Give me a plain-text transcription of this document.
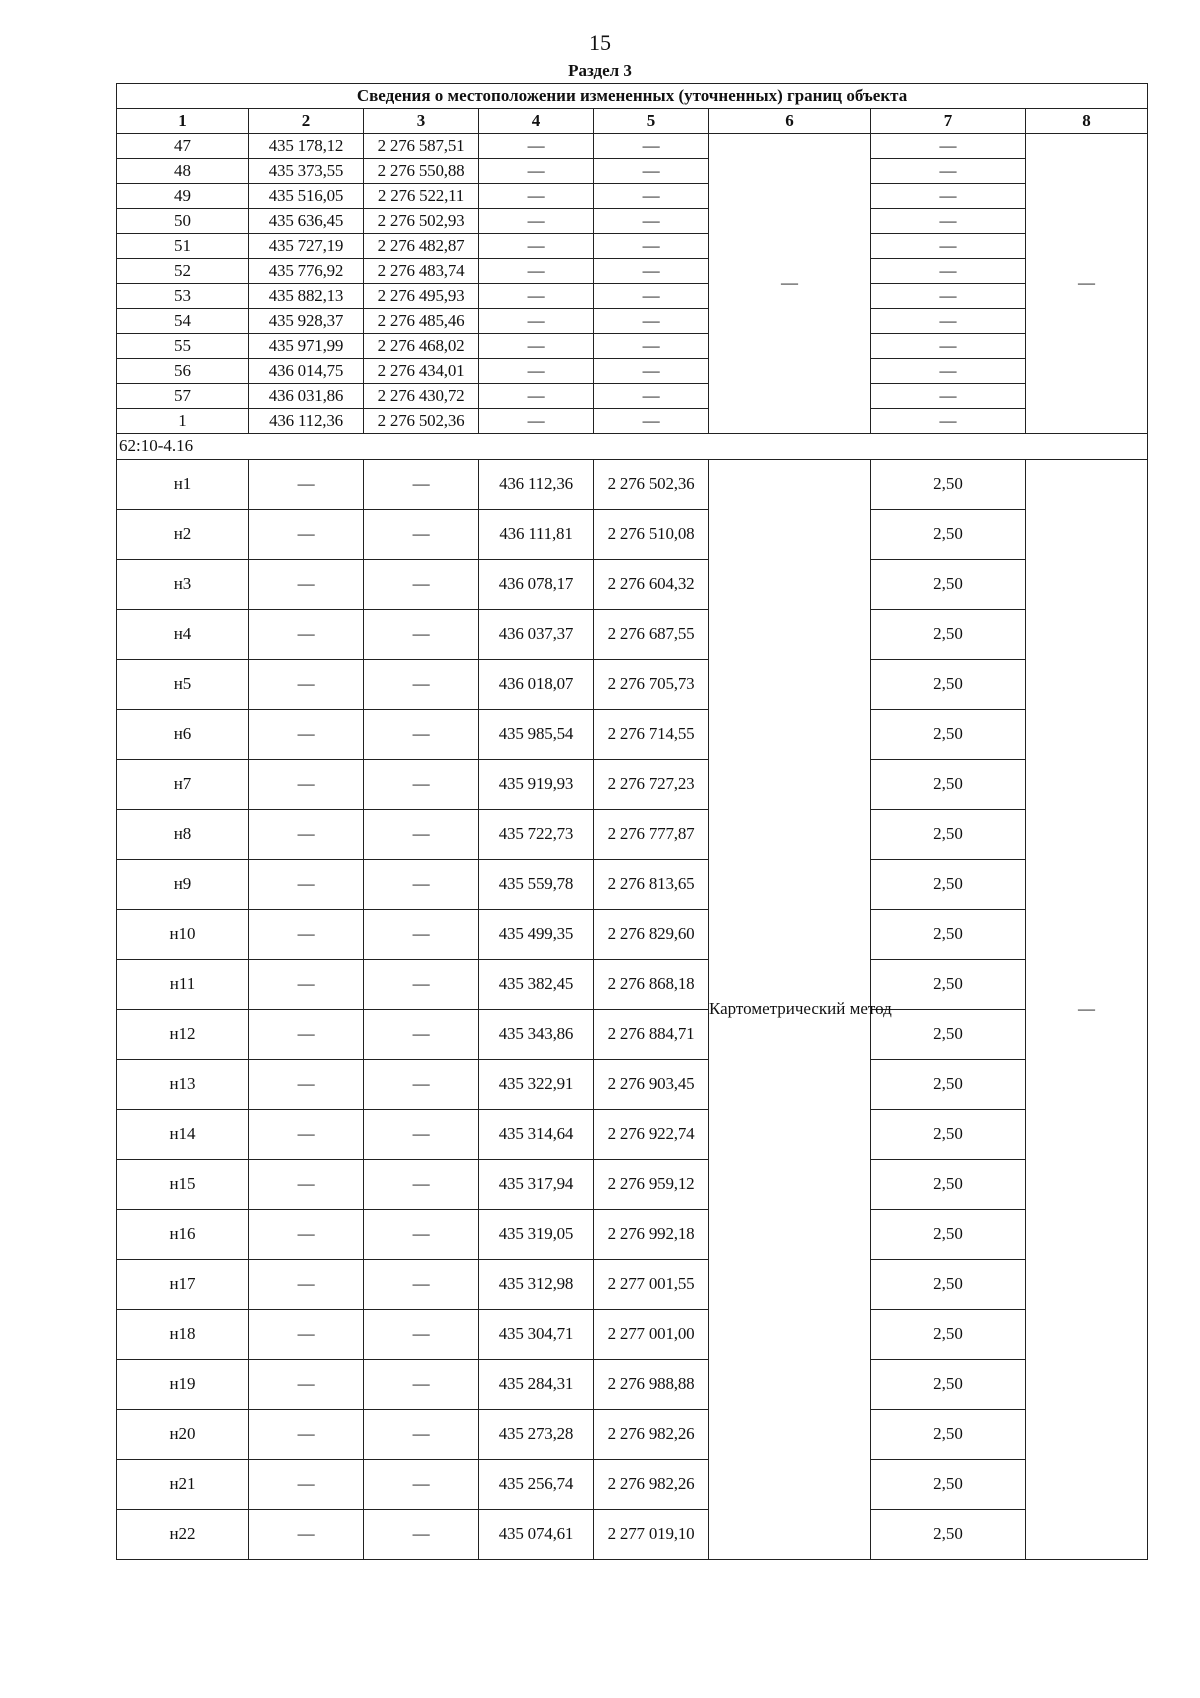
15
Раздел 3
Сведения о местоположении измененных (уточненных) границ объекта							
1	2	3	4	5	6	7	8
47	435 178,12	2 276 587,51	—	—	—	—	—
48	435 373,55	2 276 550,88	—	—		—	
49	435 516,05	2 276 522,11	—	—		—	
50	435 636,45	2 276 502,93	—	—		—	
51	435 727,19	2 276 482,87	—	—		—	
52	435 776,92	2 276 483,74	—	—		—	
53	435 882,13	2 276 495,93	—	—		—	
54	435 928,37	2 276 485,46	—	—		—	
55	435 971,99	2 276 468,02	—	—		—	
56	436 014,75	2 276 434,01	—	—		—	
57	436 031,86	2 276 430,72	—	—		—	
1	436 112,36	2 276 502,36	—	—		—	
62:10-4.16							
н1	—	—	436 112,36	2 276 502,36	Картометрический метод	2,50	—
н2	—	—	436 111,81	2 276 510,08		2,50	
н3	—	—	436 078,17	2 276 604,32		2,50	
н4	—	—	436 037,37	2 276 687,55		2,50	
н5	—	—	436 018,07	2 276 705,73		2,50	
н6	—	—	435 985,54	2 276 714,55		2,50	
н7	—	—	435 919,93	2 276 727,23		2,50	
н8	—	—	435 722,73	2 276 777,87		2,50	
н9	—	—	435 559,78	2 276 813,65		2,50	
н10	—	—	435 499,35	2 276 829,60		2,50	
н11	—	—	435 382,45	2 276 868,18		2,50	
н12	—	—	435 343,86	2 276 884,71		2,50	
н13	—	—	435 322,91	2 276 903,45		2,50	
н14	—	—	435 314,64	2 276 922,74		2,50	
н15	—	—	435 317,94	2 276 959,12		2,50	
н16	—	—	435 319,05	2 276 992,18		2,50	
н17	—	—	435 312,98	2 277 001,55		2,50	
н18	—	—	435 304,71	2 277 001,00		2,50	
н19	—	—	435 284,31	2 276 988,88		2,50	
н20	—	—	435 273,28	2 276 982,26		2,50	
н21	—	—	435 256,74	2 276 982,26		2,50	
н22	—	—	435 074,61	2 277 019,10		2,50	
